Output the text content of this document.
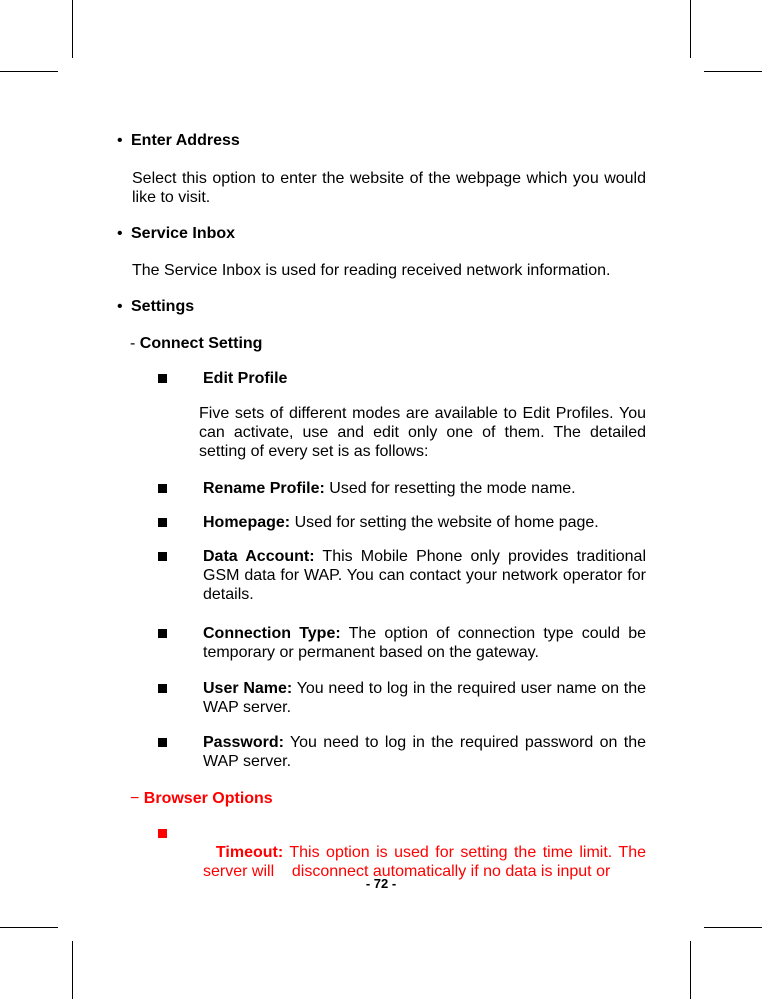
• Enter Address
Select this option to enter the website of the webpage which you would like to visit.
• Service Inbox
The Service Inbox is used for reading received network information.
• Settings
- Connect Setting
Edit Profile
Five sets of different modes are available to Edit Profiles. You can activate, use and edit only one of them. The detailed setting of every set is as follows:
Rename Profile: Used for resetting the mode name.
Homepage: Used for setting the website of home page.
Data Account: This Mobile Phone only provides traditional GSM data for WAP. You can contact your network operator for details.
Connection Type: The option of connection type could be temporary or permanent based on the gateway.
User Name: You need to log in the required user name on the WAP server.
Password: You need to log in the required password on the WAP server.
− Browser Options

Timeout: This option is used for setting the time limit. The server will    disconnect automatically if no data is input or

- 72 -
